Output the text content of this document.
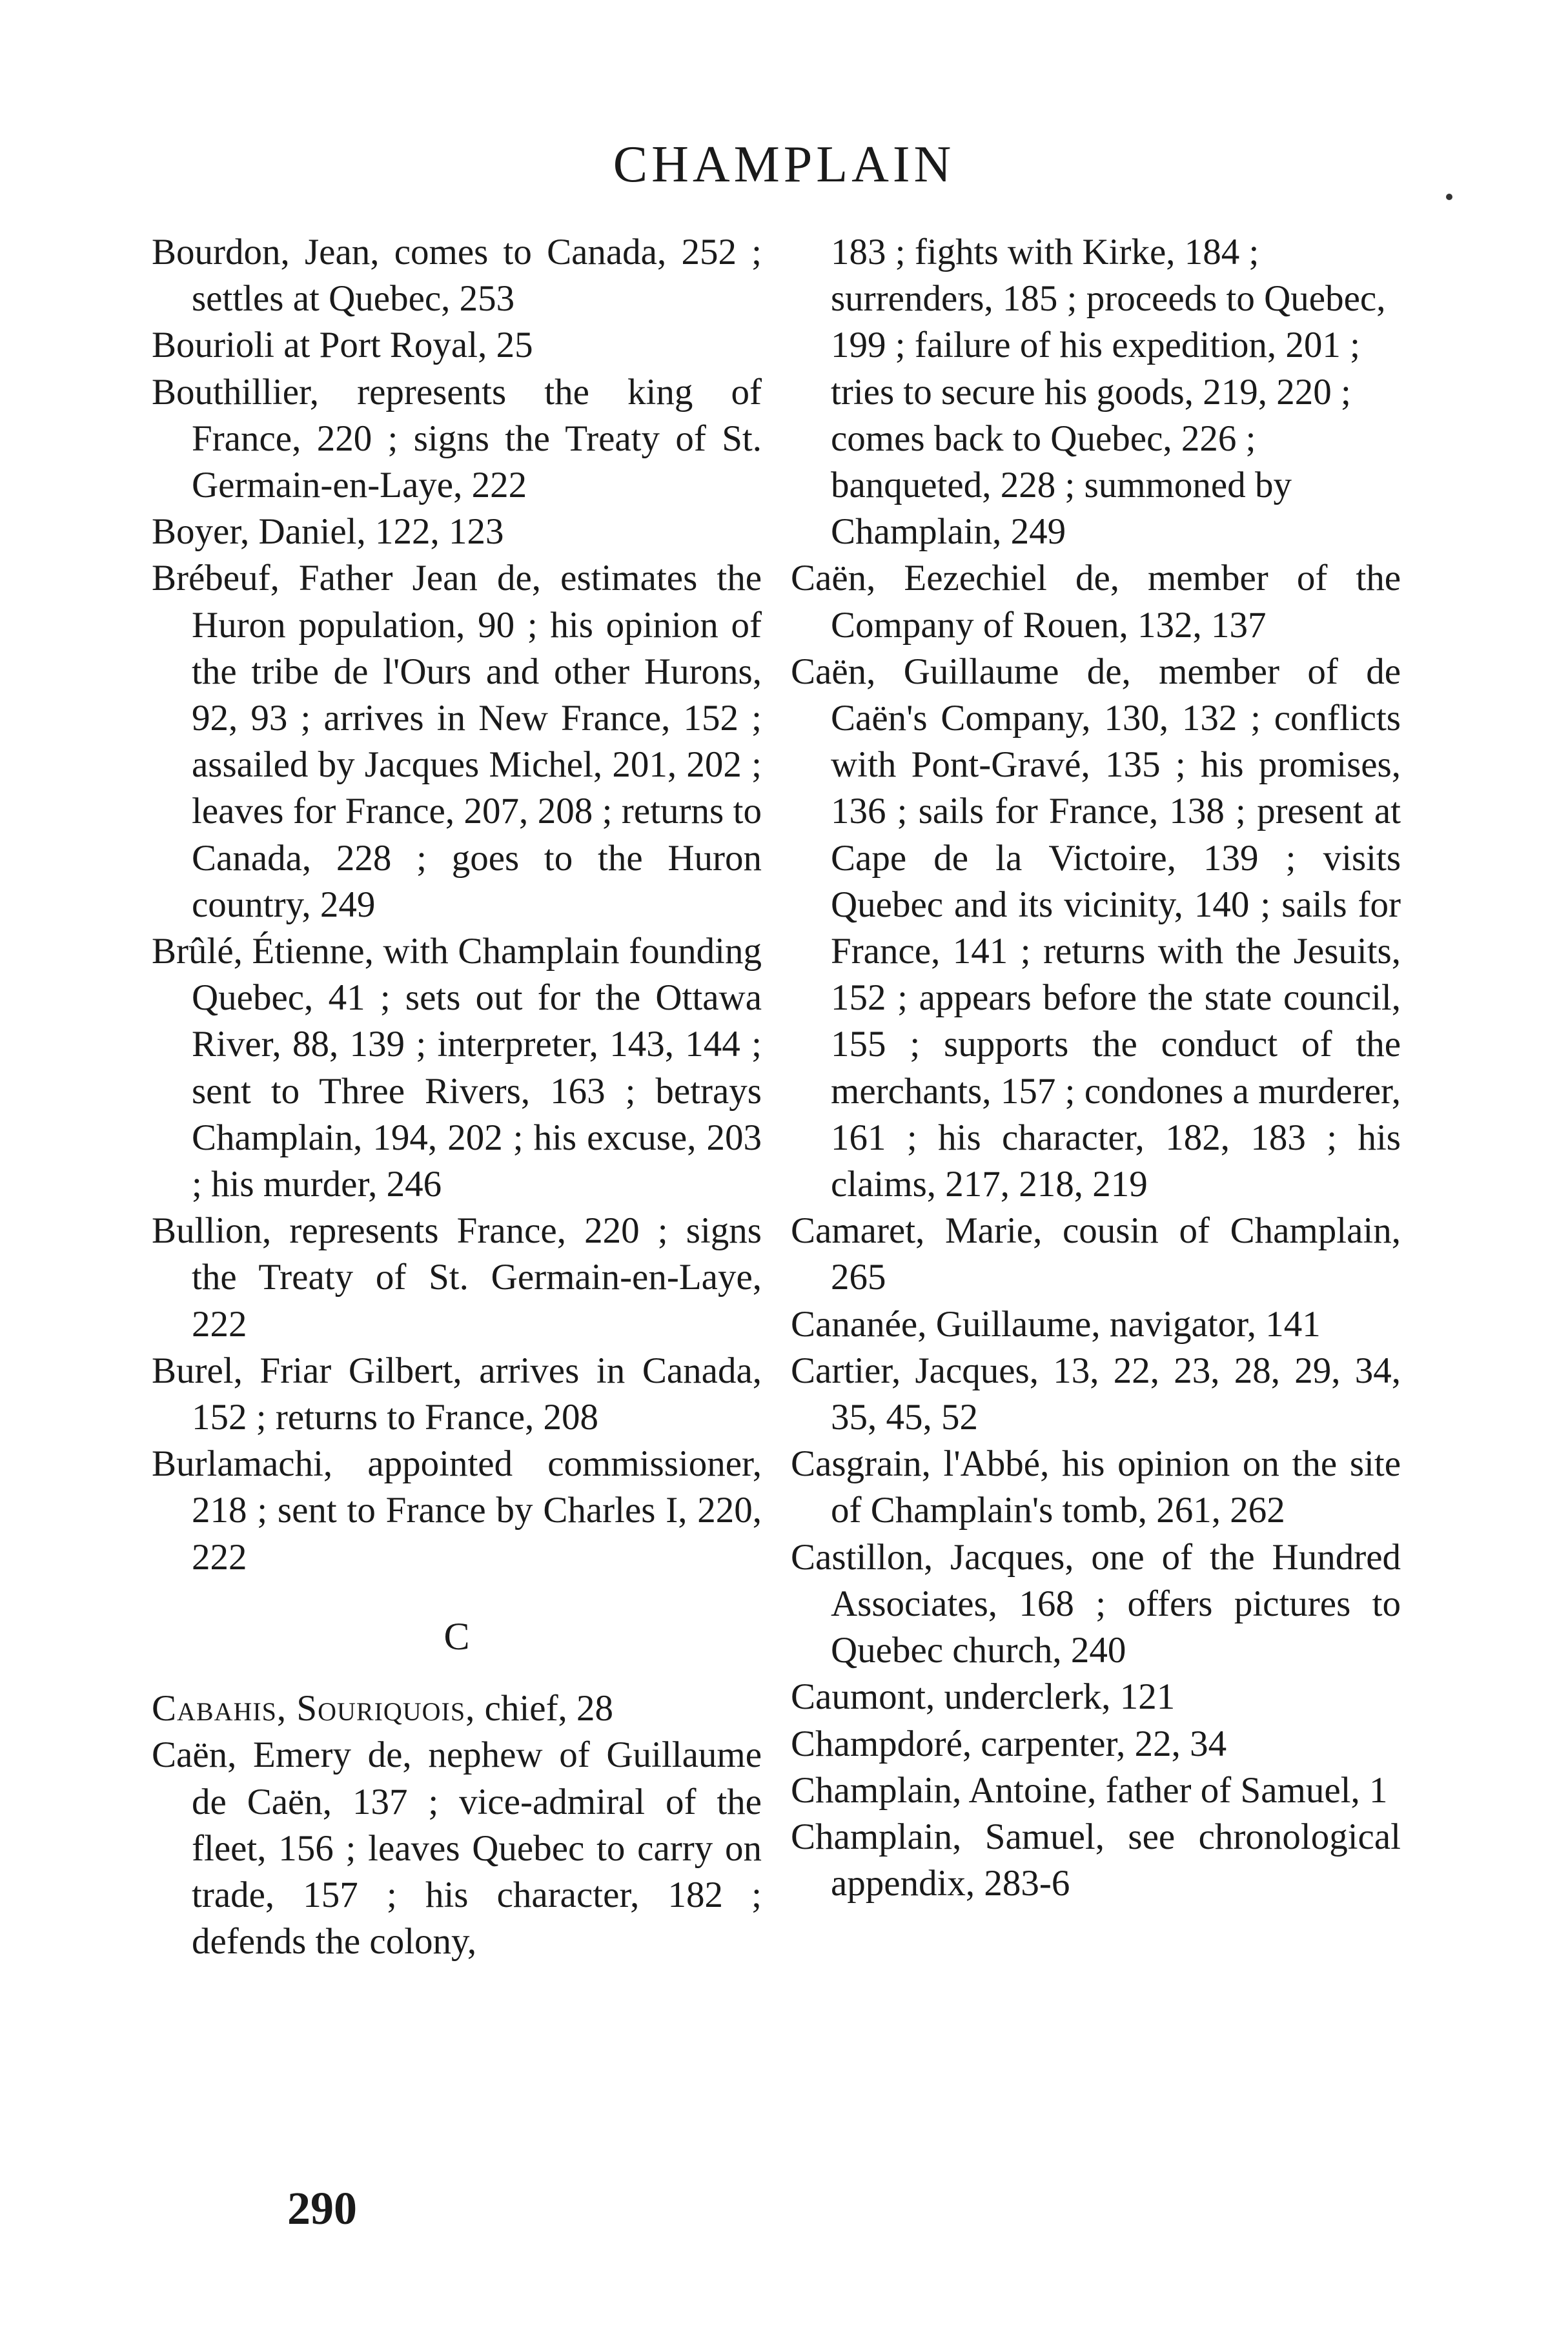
CHAMPLAIN
Bourdon, Jean, comes to Canada, 252 ; settles at Quebec, 253
Bourioli at Port Royal, 25
Bouthillier, represents the king of France, 220 ; signs the Treaty of St. Germain-en-Laye, 222
Boyer, Daniel, 122, 123
Brébeuf, Father Jean de, estimates the Huron population, 90 ; his opinion of the tribe de l'Ours and other Hurons, 92, 93 ; arrives in New France, 152 ; assailed by Jacques Michel, 201, 202 ; leaves for France, 207, 208 ; returns to Canada, 228 ; goes to the Huron country, 249
Brûlé, Étienne, with Champlain founding Quebec, 41 ; sets out for the Ottawa River, 88, 139 ; interpreter, 143, 144 ; sent to Three Rivers, 163 ; betrays Champlain, 194, 202 ; his excuse, 203 ; his murder, 246
Bullion, represents France, 220 ; signs the Treaty of St. Germain-en-Laye, 222
Burel, Friar Gilbert, arrives in Canada, 152 ; returns to France, 208
Burlamachi, appointed commissioner, 218 ; sent to France by Charles I, 220, 222
C
Cabahis, Souriquois, chief, 28
Caën, Emery de, nephew of Guillaume de Caën, 137 ; vice-admiral of the fleet, 156 ; leaves Quebec to carry on trade, 157 ; his character, 182 ; defends the colony,
183 ; fights with Kirke, 184 ; surrenders, 185 ; proceeds to Quebec, 199 ; failure of his expedition, 201 ; tries to secure his goods, 219, 220 ; comes back to Quebec, 226 ; banqueted, 228 ; summoned by Champlain, 249
Caën, Eezechiel de, member of the Company of Rouen, 132, 137
Caën, Guillaume de, member of de Caën's Company, 130, 132 ; conflicts with Pont-Gravé, 135 ; his promises, 136 ; sails for France, 138 ; present at Cape de la Victoire, 139 ; visits Quebec and its vicinity, 140 ; sails for France, 141 ; returns with the Jesuits, 152 ; appears before the state council, 155 ; supports the conduct of the merchants, 157 ; condones a murderer, 161 ; his character, 182, 183 ; his claims, 217, 218, 219
Camaret, Marie, cousin of Champlain, 265
Cananée, Guillaume, navigator, 141
Cartier, Jacques, 13, 22, 23, 28, 29, 34, 35, 45, 52
Casgrain, l'Abbé, his opinion on the site of Champlain's tomb, 261, 262
Castillon, Jacques, one of the Hundred Associates, 168 ; offers pictures to Quebec church, 240
Caumont, underclerk, 121
Champdoré, carpenter, 22, 34
Champlain, Antoine, father of Samuel, 1
Champlain, Samuel, see chronological appendix, 283-6
290
